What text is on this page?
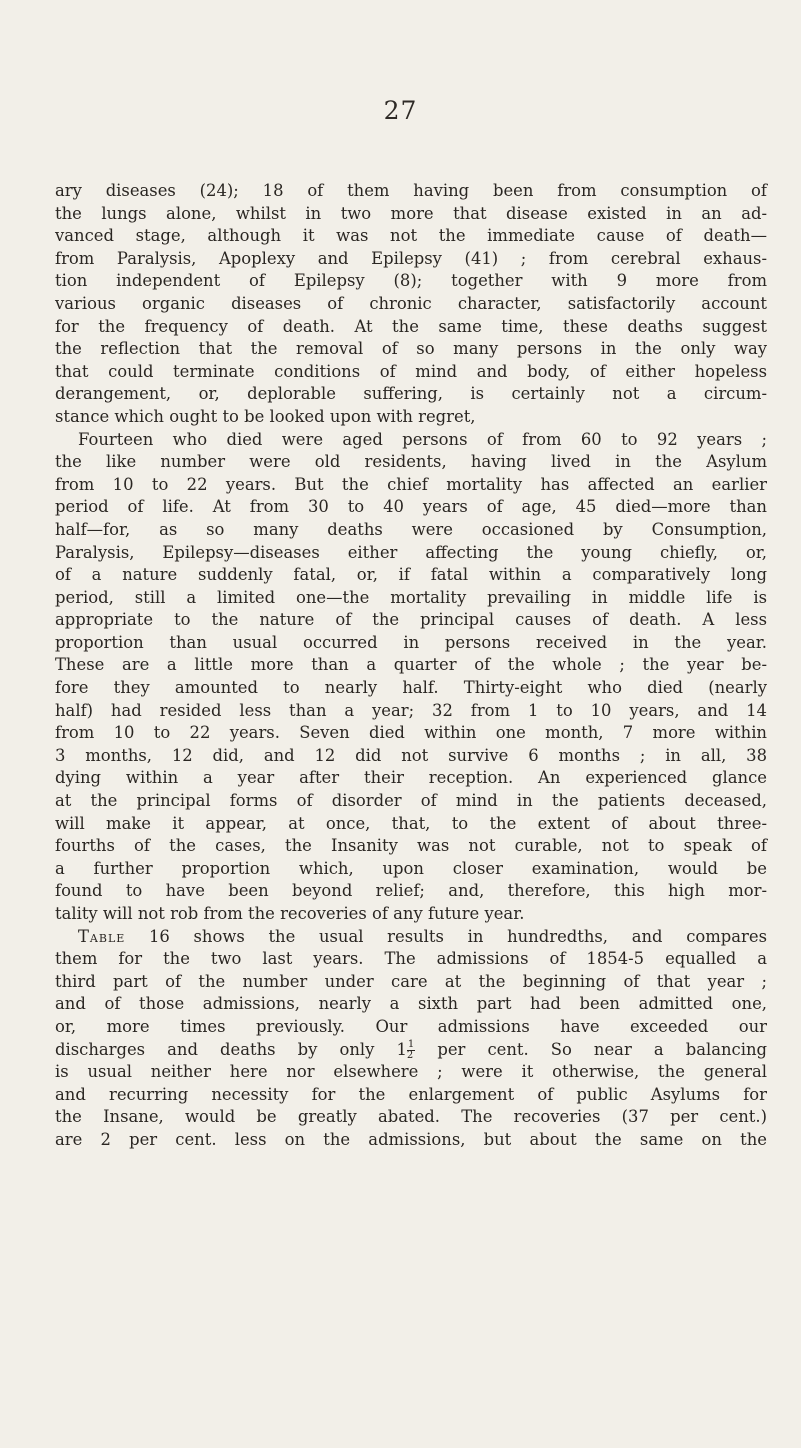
27
ary diseases (24); 18 of them having been from consumption of
the lungs alone, whilst in two more that disease existed in an ad-
vanced stage, although it was not the immediate cause of death—
from Paralysis, Apoplexy and Epilepsy (41) ; from cerebral exhaus-
tion independent of Epilepsy (8); together with 9 more from
various organic diseases of chronic character, satisfactorily account
for the frequency of death. At the same time, these deaths suggest
the reflection that the removal of so many persons in the only way
that could terminate conditions of mind and body, of either hopeless
derangement, or, deplorable suffering, is certainly not a circum-
stance which ought to be looked upon with regret,
Fourteen who died were aged persons of from 60 to 92 years ;
the like number were old residents, having lived in the Asylum
from 10 to 22 years. But the chief mortality has affected an earlier
period of life. At from 30 to 40 years of age, 45 died—more than
half—for, as so many deaths were occasioned by Consumption,
Paralysis, Epilepsy—diseases either affecting the young chiefly, or,
of a nature suddenly fatal, or, if fatal within a comparatively long
period, still a limited one—the mortality prevailing in middle life is
appropriate to the nature of the principal causes of death. A less
proportion than usual occurred in persons received in the year.
These are a little more than a quarter of the whole ; the year be-
fore they amounted to nearly half. Thirty-eight who died (nearly
half) had resided less than a year; 32 from 1 to 10 years, and 14
from 10 to 22 years. Seven died within one month, 7 more within
3 months, 12 did, and 12 did not survive 6 months ; in all, 38
dying within a year after their reception. An experienced glance
at the principal forms of disorder of mind in the patients deceased,
will make it appear, at once, that, to the extent of about three-
fourths of the cases, the Insanity was not curable, not to speak of
a further proportion which, upon closer examination, would be
found to have been beyond relief; and, therefore, this high mor-
tality will not rob from the recoveries of any future year.
Table 16 shows the usual results in hundredths, and compares
them for the two last years. The admissions of 1854-5 equalled a
third part of the number under care at the beginning of that year ;
and of those admissions, nearly a sixth part had been admitted one,
or, more times previously. Our admissions have exceeded our
discharges and deaths by only $1 \frac{1}{2}$ per cent. So near a balancing
is usual neither here nor elsewhere ; were it otherwise, the general
and recurring necessity for the enlargement of public Asylums for
the Insane, would be greatly abated. The recoveries (37 per cent.)
are 2 per cent. less on the admissions, but about the same on the
